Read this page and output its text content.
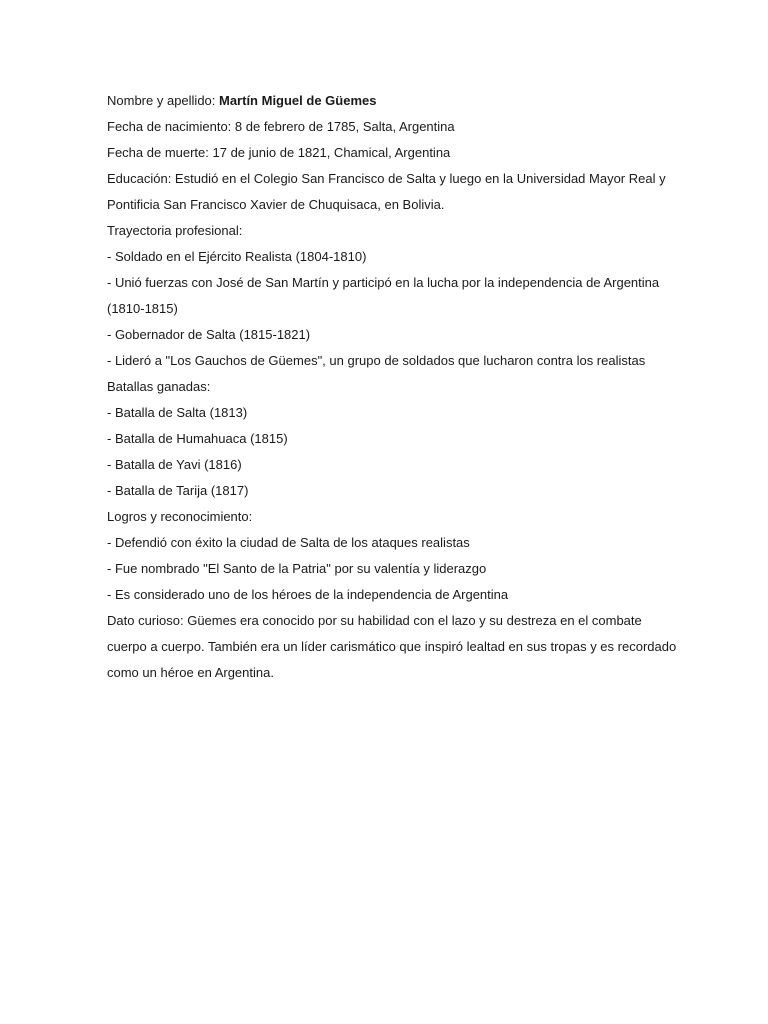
Nombre y apellido: Martín Miguel de Güemes

Fecha de nacimiento: 8 de febrero de 1785, Salta, Argentina

Fecha de muerte: 17 de junio de 1821, Chamical, Argentina

Educación: Estudió en el Colegio San Francisco de Salta y luego en la Universidad Mayor Real y

Pontificia San Francisco Xavier de Chuquisaca, en Bolivia.

Trayectoria profesional:

- Soldado en el Ejército Realista (1804-1810)

- Unió fuerzas con José de San Martín y participó en la lucha por la independencia de Argentina

(1810-1815)

- Gobernador de Salta (1815-1821)

- Lideró a "Los Gauchos de Güemes", un grupo de soldados que lucharon contra los realistas

Batallas ganadas:

- Batalla de Salta (1813)

- Batalla de Humahuaca (1815)

- Batalla de Yavi (1816)

- Batalla de Tarija (1817)

Logros y reconocimiento:

- Defendió con éxito la ciudad de Salta de los ataques realistas

- Fue nombrado "El Santo de la Patria" por su valentía y liderazgo

- Es considerado uno de los héroes de la independencia de Argentina

Dato curioso: Güemes era conocido por su habilidad con el lazo y su destreza en el combate

cuerpo a cuerpo. También era un líder carismático que inspiró lealtad en sus tropas y es recordado

como un héroe en Argentina.
